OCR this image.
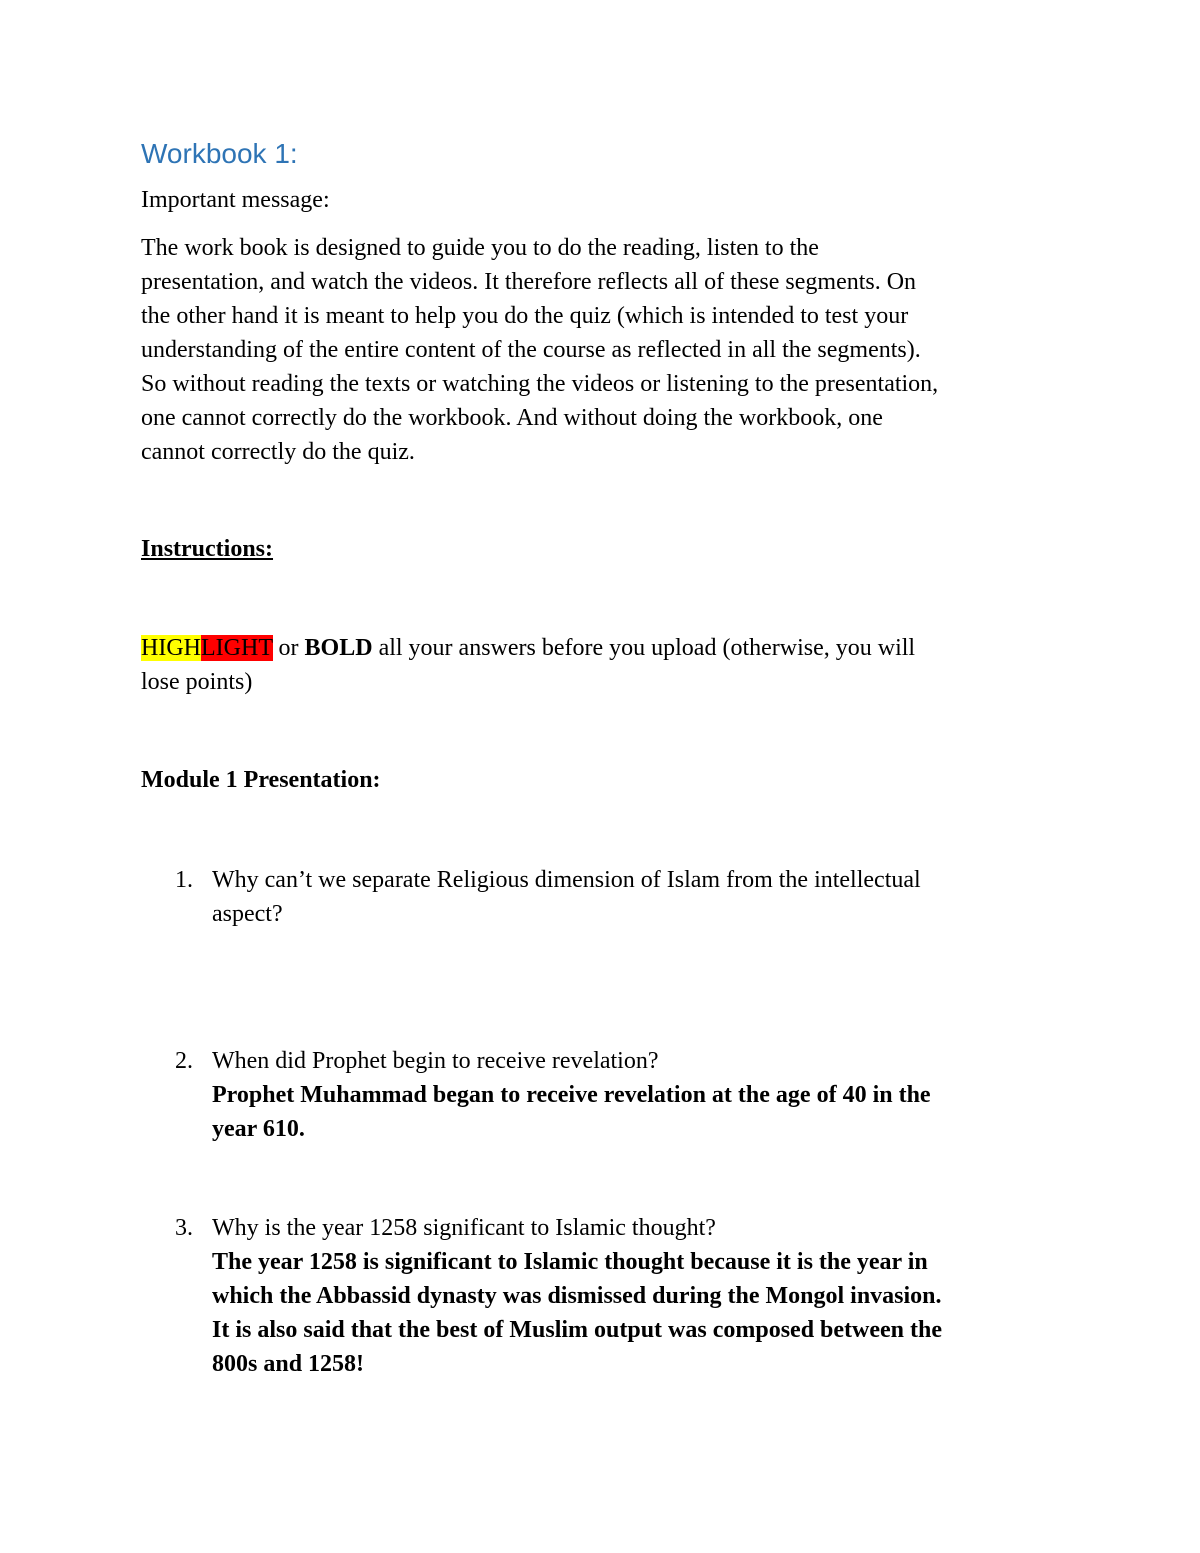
Workbook 1:
Important message:
The work book is designed to guide you to do the reading, listen to the
presentation, and watch the videos. It therefore reflects all of these segments. On
the other hand it is meant to help you do the quiz (which is intended to test your
understanding of the entire content of the course as reflected in all the segments).
So without reading the texts or watching the videos or listening to the presentation,
one cannot correctly do the workbook. And without doing the workbook, one
cannot correctly do the quiz.
Instructions:
HIGHLIGHT or BOLD all your answers before you upload (otherwise, you will
lose points)
Module 1 Presentation:
1. Why can’t we separate Religious dimension of Islam from the intellectual
aspect?
2. When did Prophet begin to receive revelation?
Prophet Muhammad began to receive revelation at the age of 40 in the
year 610.
3. Why is the year 1258 significant to Islamic thought?
The year 1258 is significant to Islamic thought because it is the year in
which the Abbassid dynasty was dismissed during the Mongol invasion.
It is also said that the best of Muslim output was composed between the
800s and 1258!
